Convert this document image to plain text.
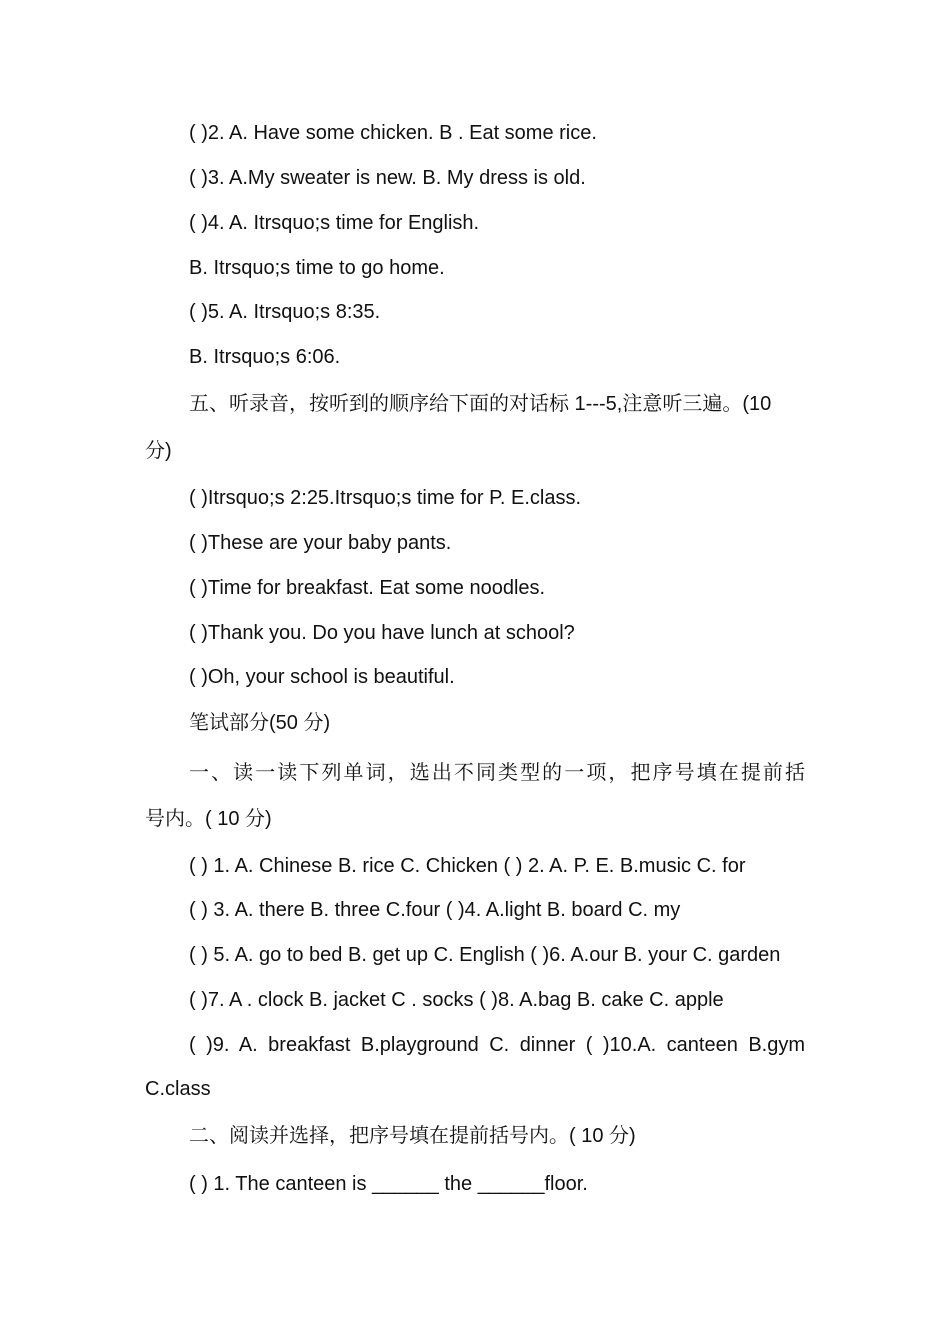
( )2. A. Have some chicken. B . Eat some rice.
( )3. A.My sweater is new. B. My dress is old.
( )4. A. Itrsquo;s time for English.
B. Itrsquo;s time to go home.
( )5. A. Itrsquo;s 8:35.
B. Itrsquo;s 6:06.
五、听录音，按听到的顺序给下面的对话标 1---5,注意听三遍。(10
分)
( )Itrsquo;s 2:25.Itrsquo;s time for P. E.class.
( )These are your baby pants.
( )Time for breakfast. Eat some noodles.
( )Thank you. Do you have lunch at school?
( )Oh, your school is beautiful.
笔试部分(50 分)
一、读一读下列单词，选出不同类型的一项，把序号填在提前括
号内。( 10 分)
( ) 1. A. Chinese B. rice C. Chicken ( ) 2. A. P. E. B.music C. for
( ) 3. A. there B. three C.four ( )4. A.light B. board C. my
( ) 5. A. go to bed B. get up C. English ( )6. A.our B. your C. garden
( )7. A . clock B. jacket C . socks ( )8. A.bag B. cake C. apple
( )9. A. breakfast B.playground C. dinner ( )10.A. canteen B.gym
C.class
二、阅读并选择，把序号填在提前括号内。( 10 分)
( ) 1. The canteen is ______ the ______floor.
